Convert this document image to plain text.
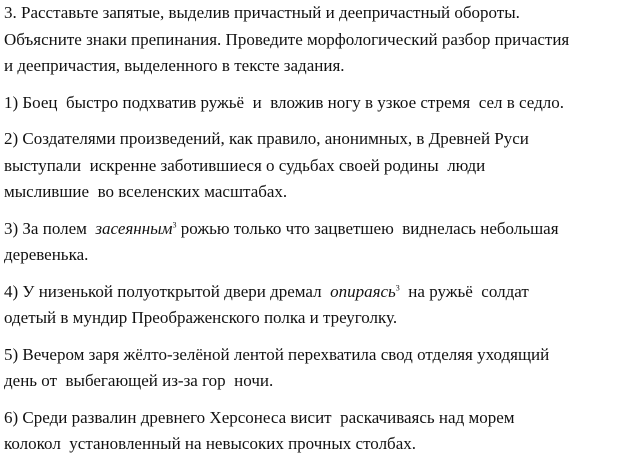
3. Расставьте запятые, выделив причастный и деепричастный обороты.
Объясните знаки препинания. Проведите морфологический разбор причастия
и деепричастия, выделенного в тексте задания.
1) Боец  быстро подхватив ружьё  и  вложив ногу в узкое стремя  сел в седло.
2) Создателями произведений, как правило, анонимных, в Древней Руси
выступали  искренне заботившиеся о судьбах своей родины  люди
мыслившие  во вселенских масштабах.
3) За полем  засеянным$^3$ рожью только что зацветшею  виднелась небольшая
деревенька.
4) У низенькой полуоткрытой двери дремал  опираясь$^3$  на ружьё  солдат
одетый в мундир Преображенского полка и треуголку.
5) Вечером заря жёлто-зелёной лентой перехватила свод отделяя уходящий
день от  выбегающей из-за гор  ночи.
6) Среди развалин древнего Херсонеса висит  раскачиваясь над морем
колокол  установленный на невысоких прочных столбах.
